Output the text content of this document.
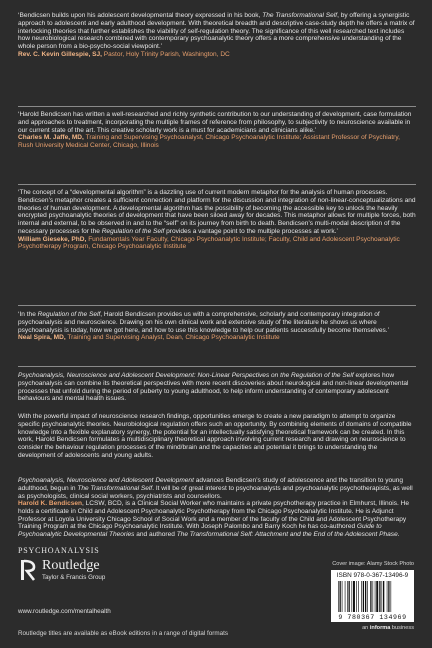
‘Bendicsen builds upon his adolescent developmental theory expressed in his book, The Transformational Self, by offering a synergistic approach to adolescent and early adulthood development. With theoretical breadth and descriptive case-study depth he offers a matrix of interlocking theories that further establishes the viability of self-regulation theory. The significance of this well researched text includes how neurobiological research combined with contemporary psychoanalytic theory offers a more comprehensive understanding of the whole person from a bio-psycho-social viewpoint.’

Rev. C. Kevin Gillespie, SJ, Pastor, Holy Trinity Parish, Washington, DC

‘Harold Bendicsen has written a well-researched and richly synthetic contribution to our understanding of development, case formulation and approaches to treatment, incorporating the multiple frames of reference from philosophy, to subjectivity to neuroscience available in our current state of the art. This creative scholarly work is a must for academicians and clinicians alike.’

Charles M. Jaffe, MD, Training and Supervising Psychoanalyst, Chicago Psychoanalytic Institute; Assistant Professor of Psychiatry, Rush University Medical Center, Chicago, Illinois

‘The concept of a “developmental algorithm” is a dazzling use of current modern metaphor for the analysis of human processes. Bendicsen’s metaphor creates a sufficient connection and platform for the discussion and integration of non-linear-conceptualizations and theories of human development. A developmental algorithm has the possibility of becoming the accessible key to unlock the heavily encrypted psychoanalytic theories of development that have been siloed away for decades. This metaphor allows for multiple forces, both internal and external, to be observed in and to the “self” on its journey from birth to death. Bendicsen’s multi-modal description of the necessary processes for the Regulation of the Self provides a vantage point to the multiple processes at work.’

William Gieseke, PhD, Fundamentals Year Faculty, Chicago Psychoanalytic Institute; Faculty, Child and Adolescent Psychoanalytic Psychotherapy Program, Chicago Psychoanalytic Institute

‘In the Regulation of the Self, Harold Bendicsen provides us with a comprehensive, scholarly and contemporary integration of psychoanalysis and neuroscience. Drawing on his own clinical work and extensive study of the literature he shows us where psychoanalysis is today, how we got here, and how to use this knowledge to help our patients successfully become themselves.’

Neal Spira, MD, Training and Supervising Analyst, Dean, Chicago Psychoanalytic Institute

Psychoanalysis, Neuroscience and Adolescent Development: Non-Linear Perspectives on the Regulation of the Self explores how psychoanalysis can combine its theoretical perspectives with more recent discoveries about neurological and non-linear developmental processes that unfold during the period of puberty to young adulthood, to help inform understanding of contemporary adolescent behaviours and mental health issues.

With the powerful impact of neuroscience research findings, opportunities emerge to create a new paradigm to attempt to organize specific psychoanalytic theories. Neurobiological regulation offers such an opportunity. By combining elements of domains of compatible knowledge into a flexible explanatory synergy, the potential for an intellectually satisfying theoretical framework can be created. In this work, Harold Bendicsen formulates a multidisciplinary theoretical approach involving current research and drawing on neuroscience to consider the behaviour regulation processes of the mind/brain and the capacities and potential it brings to understanding the development of adolescents and young adults.

Psychoanalysis, Neuroscience and Adolescent Development advances Bendicsen’s study of adolescence and the transition to young adulthood, begun in The Transformational Self. It will be of great interest to psychoanalysts and psychoanalytic psychotherapists, as well as psychologists, clinical social workers, psychiatrists and counsellors.

Harold K. Bendicsen, LCSW, BCD, is a Clinical Social Worker who maintains a private psychotherapy practice in Elmhurst, Illinois. He holds a certificate in Child and Adolescent Psychoanalytic Psychotherapy from the Chicago Psychoanalytic Institute. He is Adjunct Professor at Loyola University Chicago School of Social Work and a member of the faculty of the Child and Adolescent Psychotherapy Training Program at the Chicago Psychoanalytic Institute. With Joseph Palombo and Barry Koch he has co-authored Guide to Psychoanalytic Developmental Theories and authored The Transformational Self: Attachment and the End of the Adolescent Phase.

PSYCHOANALYSIS
Routledge
Taylor & Francis Group
www.routledge.com/mentalhealth
Routledge titles are available as eBook editions in a range of digital formats
Cover image: Alamy Stock Photo
ISBN 978-0-367-13496-9
9 780367 134969
an informa business
